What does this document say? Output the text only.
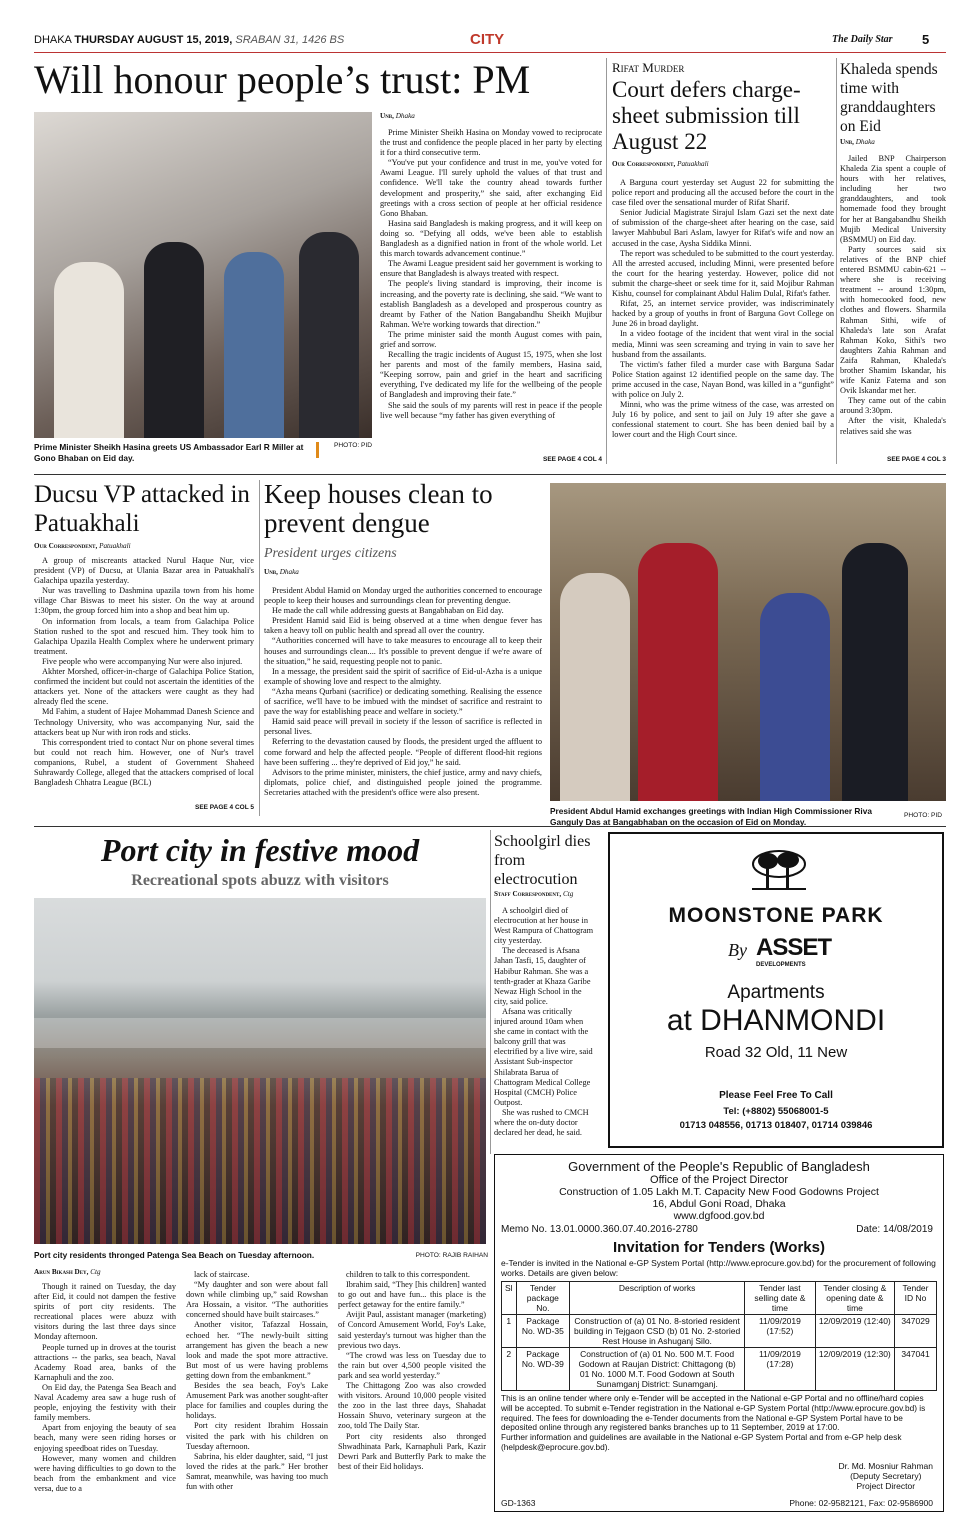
DHAKA THURSDAY AUGUST 15, 2019, SRABAN 31, 1426 BS	CITY	The Daily Star 5
Will honour people’s trust: PM
Prime Minister Sheikh Hasina greets US Ambassador Earl R Miller at Gono Bhaban on Eid day.
PHOTO: PID
Unb, Dhaka

Prime Minister Sheikh Hasina on Monday vowed to reciprocate the trust and confidence the people placed in her party by electing it for a third consecutive term.

“You've put your confidence and trust in me, you've voted for Awami League. I'll surely uphold the values of that trust and confidence. We'll take the country ahead towards further development and prosperity,” she said, after exchanging Eid greetings with a cross section of people at her official residence Gono Bhaban.

Hasina said Bangladesh is making progress, and it will keep on doing so. “Defying all odds, we've been able to establish Bangladesh as a dignified nation in front of the whole world. Let this march towards advancement continue.”

The Awami League president said her government is working to ensure that Bangladesh is always treated with respect.

The people's living standard is improving, their income is increasing, and the poverty rate is declining, she said. “We want to establish Bangladesh as a developed and prosperous country as dreamt by Father of the Nation Bangabandhu Sheikh Mujibur Rahman. We're working towards that direction.”

The prime minister said the month August comes with pain, grief and sorrow.

Recalling the tragic incidents of August 15, 1975, when she lost her parents and most of the family members, Hasina said, “Keeping sorrow, pain and grief in the heart and sacrificing everything, I've dedicated my life for the wellbeing of the people of Bangladesh and improving their fate.”

She said the souls of my parents will rest in peace if the people live well because “my father has given everything of

SEE PAGE 4 COL 4
Rifat Murder
Court defers charge-sheet submission till August 22
Our Correspondent, Patuakhali

A Barguna court yesterday set August 22 for submitting the police report and producing all the accused before the court in the case filed over the sensational murder of Rifat Sharif.

Senior Judicial Magistrate Sirajul Islam Gazi set the next date of submission of the charge-sheet after hearing on the case, said lawyer Mahbubul Bari Aslam, lawyer for Rifat's wife and now an accused in the case, Aysha Siddika Minni.

The report was scheduled to be submitted to the court yesterday. All the arrested accused, including Minni, were presented before the court for the hearing yesterday. However, police did not submit the charge-sheet or seek time for it, said Mojibur Rahman Kishu, counsel for complainant Abdul Halim Dulal, Rifat's father.

Rifat, 25, an internet service provider, was indiscriminately hacked by a group of youths in front of Barguna Govt College on June 26 in broad daylight.

In a video footage of the incident that went viral in the social media, Minni was seen screaming and trying in vain to save her husband from the assailants.

The victim's father filed a murder case with Barguna Sadar Police Station against 12 identified people on the same day. The prime accused in the case, Nayan Bond, was killed in a “gunfight” with police on July 2.

Minni, who was the prime witness of the case, was arrested on July 16 by police, and sent to jail on July 19 after she gave a confessional statement to court. She has been denied bail by a lower court and the High Court since.

Khaleda spends time with granddaughters on Eid
Unb, Dhaka

Jailed BNP Chairperson Khaleda Zia spent a couple of hours with her relatives, including her two granddaughters, and took homemade food they brought for her at Bangabandhu Sheikh Mujib Medical University (BSMMU) on Eid day.

Party sources said six relatives of the BNP chief entered BSMMU cabin-621 -- where she is receiving treatment -- around 1:30pm, with homecooked food, new clothes and flowers. Sharmila Rahman Sithi, wife of Khaleda's late son Arafat Rahman Koko, Sithi's two daughters Zahia Rahman and Zaifa Rahman, Khaleda's brother Shamim Iskandar, his wife Kaniz Fatema and son Ovik Iskandar met her.

They came out of the cabin around 3:30pm.

After the visit, Khaleda's relatives said she was

SEE PAGE 4 COL 3
Ducsu VP attacked in Patuakhali
Our Correspondent, Patuakhali

A group of miscreants attacked Nurul Haque Nur, vice president (VP) of Ducsu, at Ulania Bazar area in Patuakhali's Galachipa upazila yesterday.

Nur was travelling to Dashmina upazila town from his home village Char Biswas to meet his sister. On the way at around 1:30pm, the group forced him into a shop and beat him up.

On information from locals, a team from Galachipa Police Station rushed to the spot and rescued him. They took him to Galachipa Upazila Health Complex where he underwent primary treatment.

Five people who were accompanying Nur were also injured.

Akhter Morshed, officer-in-charge of Galachipa Police Station, confirmed the incident but could not ascertain the identities of the attackers yet. None of the attackers were caught as they had already fled the scene.

Md Fahim, a student of Hajee Mohammad Danesh Science and Technology University, who was accompanying Nur, said the attackers beat up Nur with iron rods and sticks.

This correspondent tried to contact Nur on phone several times but could not reach him. However, one of Nur's travel companions, Rubel, a student of Government Shaheed Suhrawardy College, alleged that the attackers comprised of local Bangladesh Chhatra League (BCL)

SEE PAGE 4 COL 5
Keep houses clean to prevent dengue
President urges citizens
Unb, Dhaka

President Abdul Hamid on Monday urged the authorities concerned to encourage people to keep their houses and surroundings clean for preventing dengue.

He made the call while addressing guests at Bangabhaban on Eid day.

President Hamid said Eid is being observed at a time when dengue fever has taken a heavy toll on public health and spread all over the country.

“Authorities concerned will have to take measures to encourage all to keep their houses and surroundings clean.... It's possible to prevent dengue if we're aware of the situation,” he said, requesting people not to panic.

In a message, the president said the spirit of sacrifice of Eid-ul-Azha is a unique example of showing love and respect to the almighty.

“Azha means Qurbani (sacrifice) or dedicating something. Realising the essence of sacrifice, we'll have to be imbued with the mindset of sacrifice and restraint to pave the way for establishing peace and welfare in society.”

Hamid said peace will prevail in society if the lesson of sacrifice is reflected in personal lives.

Referring to the devastation caused by floods, the president urged the affluent to come forward and help the affected people. “People of different flood-hit regions have been suffering ... they're deprived of Eid joy,” he said.

Advisors to the prime minister, ministers, the chief justice, army and navy chiefs, diplomats, police chief, and distinguished people joined the programme. Secretaries attached with the president's office were also present.

President Abdul Hamid exchanges greetings with Indian High Commissioner Riva Ganguly Das at Bangabhaban on the occasion of Eid on Monday.
PHOTO: PID
Port city in festive mood
Recreational spots abuzz with visitors
Port city residents thronged Patenga Sea Beach on Tuesday afternoon.	PHOTO: RAJIB RAIHAN
Arun Bikash Dey, Ctg

Though it rained on Tuesday, the day after Eid, it could not dampen the festive spirits of port city residents. The recreational places were abuzz with visitors during the last three days since Monday afternoon.

People turned up in droves at the tourist attractions -- the parks, sea beach, Naval Academy Road area, banks of the Karnaphuli and the zoo.

On Eid day, the Patenga Sea Beach and Naval Academy area saw a huge rush of people, enjoying the festivity with their family members.

Apart from enjoying the beauty of sea beach, many were seen riding horses or enjoying speedboat rides on Tuesday.

However, many women and children were having difficulties to go down to the beach from the embankment and vice versa, due to a

lack of staircase.

“My daughter and son were about fall down while climbing up,” said Rowshan Ara Hossain, a visitor. “The authorities concerned should have built staircases.”

Another visitor, Tafazzal Hossain, echoed her. “The newly-built sitting arrangement has given the beach a new look and made the spot more attractive. But most of us were having problems getting down from the embankment.”

Besides the sea beach, Foy's Lake Amusement Park was another sought-after place for families and couples during the holidays.

Port city resident Ibrahim Hossain visited the park with his children on Tuesday afternoon.

Sabrina, his elder daughter, said, “I just loved the rides at the park.” Her brother Samrat, meanwhile, was having too much fun with other

children to talk to this correspondent.

Ibrahim said, “They [his children] wanted to go out and have fun... this place is the perfect getaway for the entire family.”

Avijit Paul, assistant manager (marketing) of Concord Amusement World, Foy's Lake, said yesterday's turnout was higher than the previous two days.

“The crowd was less on Tuesday due to the rain but over 4,500 people visited the park and sea world yesterday.”

The Chittagong Zoo was also crowded with visitors. Around 10,000 people visited the zoo in the last three days, Shahadat Hossain Shuvo, veterinary surgeon at the zoo, told The Daily Star.

Port city residents also thronged Shwadhinata Park, Karnaphuli Park, Kazir Dewri Park and Butterfly Park to make the best of their Eid holidays.

Schoolgirl dies from electrocution
Staff Correspondent, Ctg

A schoolgirl died of electrocution at her house in West Rampura of Chattogram city yesterday.

The deceased is Afsana Jahan Tasfi, 15, daughter of Habibur Rahman. She was a tenth-grader at Khaza Garibe Newaz High School in the city, said police.

Afsana was critically injured around 10am when she came in contact with the balcony grill that was electrified by a live wire, said Assistant Sub-inspector Shilabrata Barua of Chattogram Medical College Hospital (CMCH) Police Outpost.

She was rushed to CMCH where the on-duty doctor declared her dead, he said.

MOONSTONE PARK
By ASSET
DEVELOPMENTS
Apartments
at DHANMONDI
Road 32 Old, 11 New
Please Feel Free To Call
Tel: (+8802) 55068001-5
01713 048556, 01713 018407, 01714 039846
Government of the People's Republic of Bangladesh
Office of the Project Director
Construction of 1.05 Lakh M.T. Capacity New Food Godowns Project
16, Abdul Goni Road, Dhaka
www.dgfood.gov.bd
Memo No. 13.01.0000.360.07.40.2016-2780	Date: 14/08/2019
Invitation for Tenders (Works)
e-Tender is invited in the National e-GP System Portal (http://www.eprocure.gov.bd) for the procurement of following works. Details are given below:
Sl	Tender package No.	Description of works	Tender last selling date & time	Tender closing & opening date & time	Tender ID No
1	Package No. WD-35	Construction of (a) 01 No. 8-storied resident building in Tejgaon CSD (b) 01 No. 2-storied Rest House in Ashuganj Silo.	11/09/2019 (17:52)	12/09/2019 (12:40)	347029
2	Package No. WD-39	Construction of (a) 01 No. 500 M.T. Food Godown at Raujan District: Chittagong (b) 01 No. 1000 M.T. Food Godown at South Sunamganj District: Sunamganj.	11/09/2019 (17:28)	12/09/2019 (12:30)	347041
This is an online tender where only e-Tender will be accepted in the National e-GP Portal and no offline/hard copies will be accepted. To submit e-Tender registration in the National e-GP System Portal (http://www.eprocure.gov.bd) is required. The fees for downloading the e-Tender documents from the National e-GP System Portal have to be deposited online through any registered banks branches up to 11 September, 2019 at 17:00.
Further information and guidelines are available in the National e-GP System Portal and from e-GP help desk (helpdesk@eprocure.gov.bd).
Dr. Md. Mosniur Rahman
(Deputy Secretary)
Project Director
GD-1363	Phone: 02-9582121, Fax: 02-9586900
